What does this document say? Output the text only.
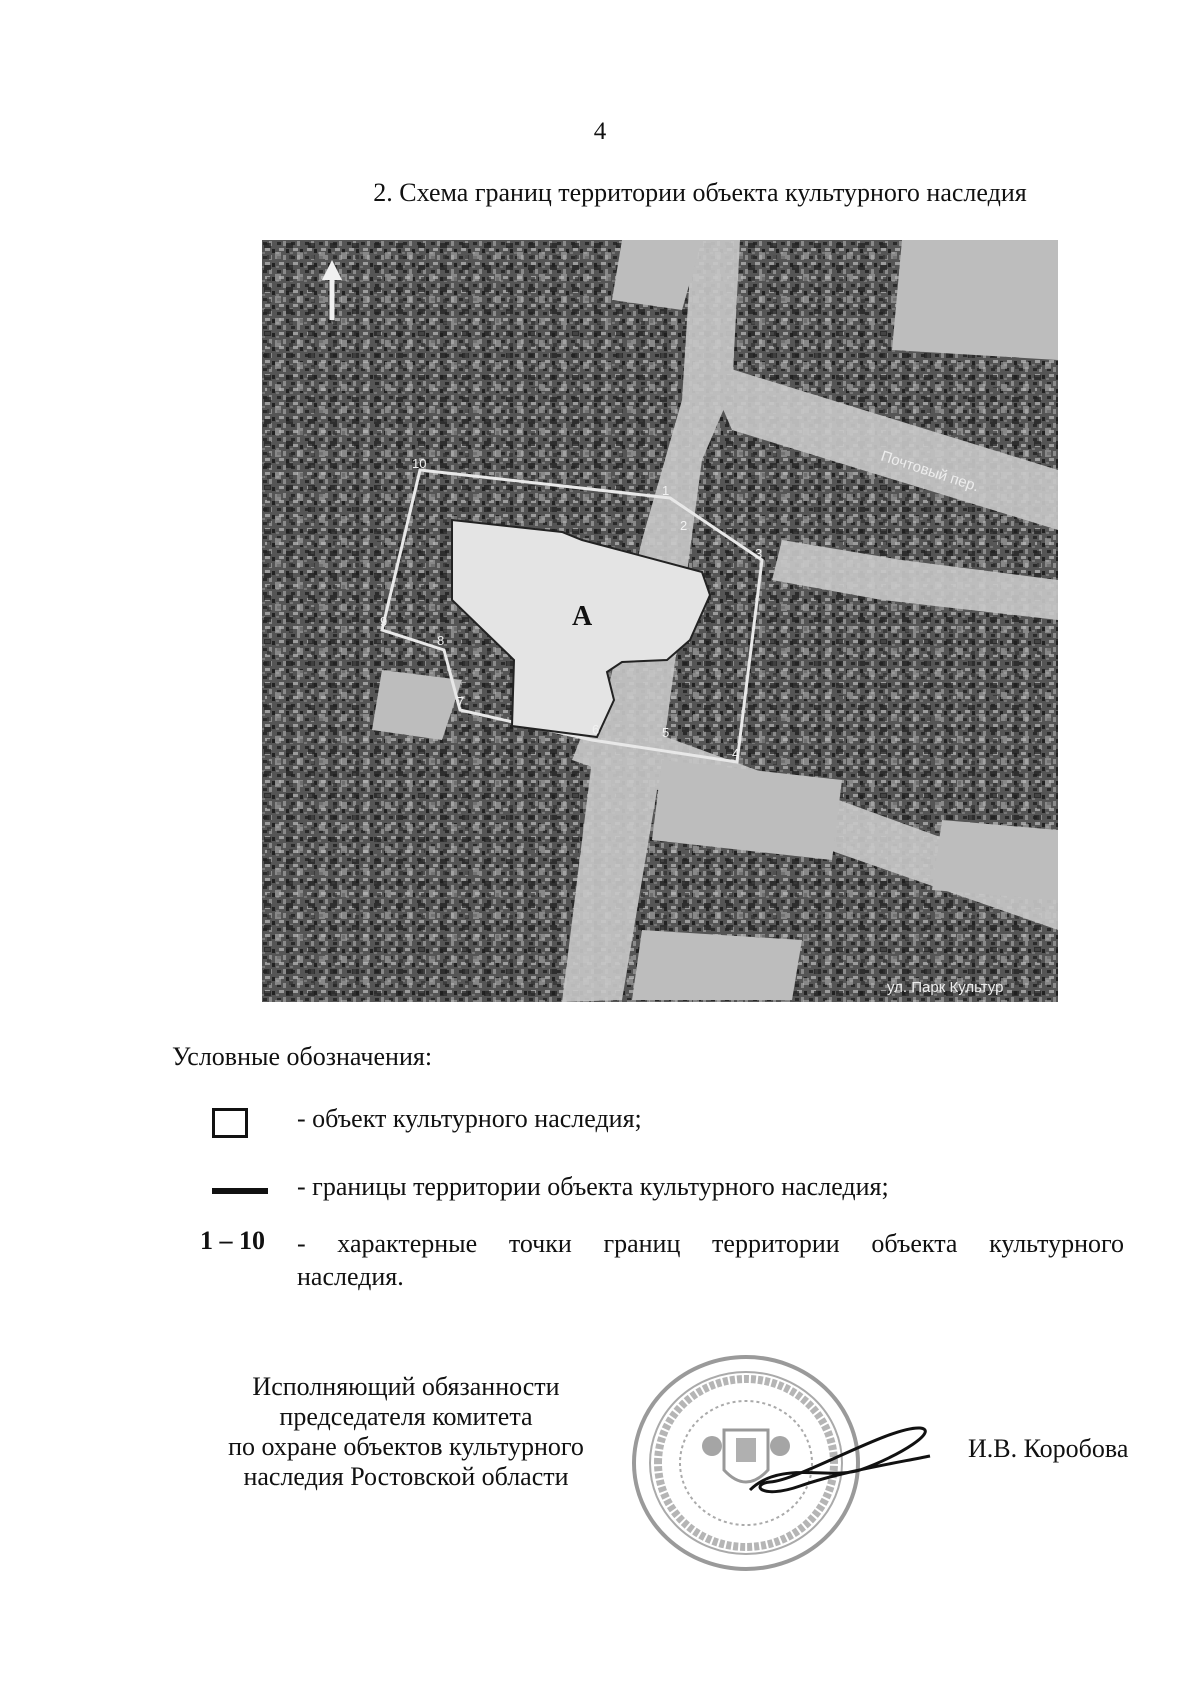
4
2. Схема границ территории объекта культурного наследия
А
Почтовый пер.
ул. Парк Культур
1
2
3
4
5
6
7
8
9
10
Условные обозначения:
- объект культурного наследия;
- границы территории объекта культурного наследия;
1 – 10 - характерные точки границ территории объекта культурного
наследия.
Исполняющий обязанности
председателя комитета
по охране объектов культурного
наследия Ростовской области
И.В. Коробова
